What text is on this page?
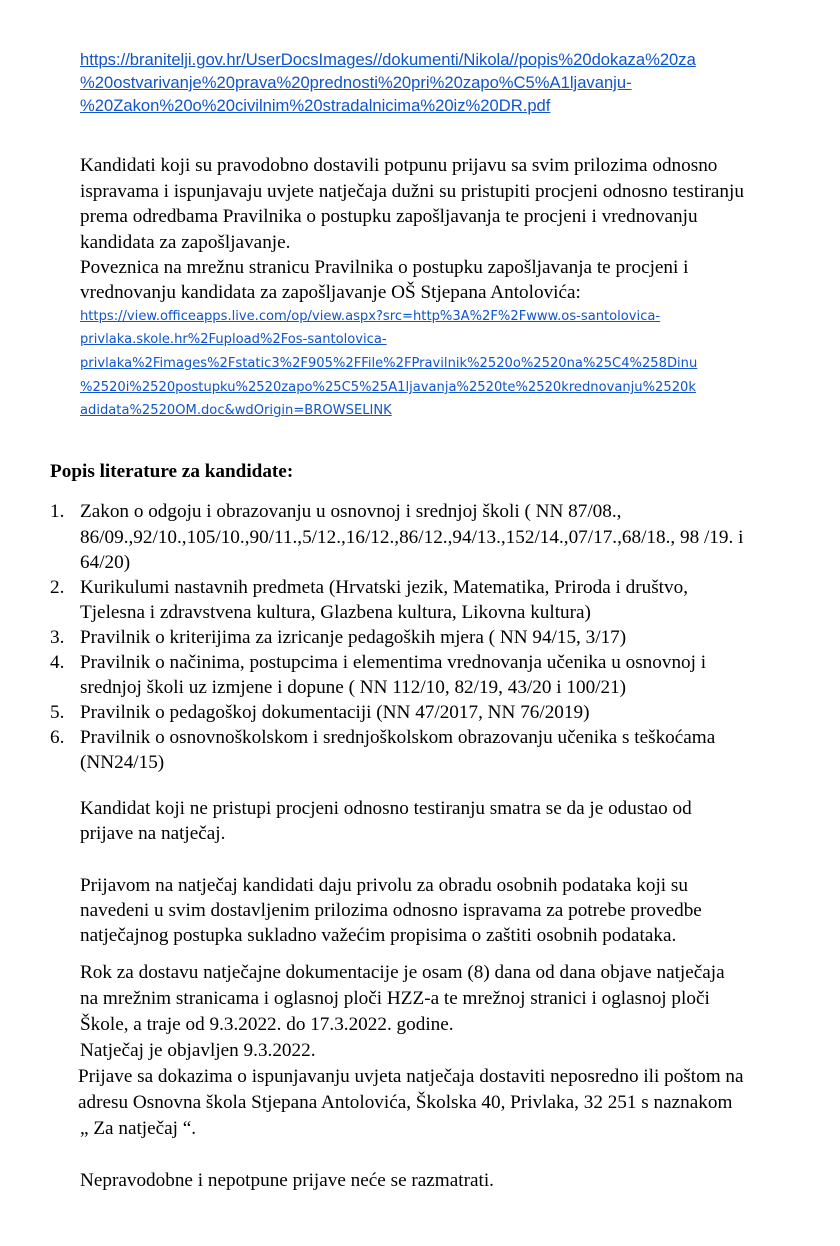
https://branitelji.gov.hr/UserDocsImages//dokumenti/Nikola//popis%20dokaza%20za
%20ostvarivanje%20prava%20prednosti%20pri%20zapo%C5%A1ljavanju-
%20Zakon%20o%20civilnim%20stradalnicima%20iz%20DR.pdf
Kandidati koji su pravodobno dostavili potpunu prijavu sa svim prilozima odnosno
ispravama i ispunjavaju uvjete natječaja dužni su pristupiti procjeni odnosno testiranju
prema odredbama Pravilnika o postupku zapošljavanja te procjeni i vrednovanju
kandidata za zapošljavanje.
Poveznica na mrežnu stranicu Pravilnika o postupku zapošljavanja te procjeni i
vrednovanju kandidata za zapošljavanje OŠ Stjepana Antolovića:
https://view.officeapps.live.com/op/view.aspx?src=http%3A%2F%2Fwww.os-santolovica-
privlaka.skole.hr%2Fupload%2Fos-santolovica-
privlaka%2Fimages%2Fstatic3%2F905%2FFile%2FPravilnik%2520o%2520na%25C4%258Dinu
%2520i%2520postupku%2520zapo%25C5%25A1ljavanja%2520te%2520krednovanju%2520k
adidata%2520OM.doc&wdOrigin=BROWSELINK
Popis literature za kandidate:
1. Zakon o odgoju i obrazovanju u osnovnoj i srednjoj školi ( NN 87/08.,
86/09.,92/10.,105/10.,90/11.,5/12.,16/12.,86/12.,94/13.,152/14.,07/17.,68/18., 98 /19. i
64/20)
2. Kurikulumi nastavnih predmeta (Hrvatski jezik, Matematika, Priroda i društvo,
Tjelesna i zdravstvena kultura, Glazbena kultura, Likovna kultura)
3. Pravilnik o kriterijima za izricanje pedagoških mjera ( NN 94/15, 3/17)
4. Pravilnik o načinima, postupcima i elementima vrednovanja učenika u osnovnoj i
srednjoj školi uz izmjene i dopune ( NN 112/10, 82/19, 43/20 i 100/21)
5. Pravilnik o pedagoškoj dokumentaciji (NN 47/2017, NN 76/2019)
6. Pravilnik o osnovnoškolskom i srednjoškolskom obrazovanju učenika s teškoćama
(NN24/15)
Kandidat koji ne pristupi procjeni odnosno testiranju smatra se da je odustao od
prijave na natječaj.
Prijavom na natječaj kandidati daju privolu za obradu osobnih podataka koji su
navedeni u svim dostavljenim prilozima odnosno ispravama za potrebe provedbe
natječajnog postupka sukladno važećim propisima o zaštiti osobnih podataka.
Rok za dostavu natječajne dokumentacije je osam (8) dana od dana objave natječaja
na mrežnim stranicama i oglasnoj ploči HZZ-a te mrežnoj stranici i oglasnoj ploči
Škole, a traje od 9.3.2022. do 17.3.2022. godine.
Natječaj je objavljen 9.3.2022.
Prijave sa dokazima o ispunjavanju uvjeta natječaja dostaviti neposredno ili poštom na
adresu Osnovna škola Stjepana Antolovića, Školska 40, Privlaka, 32 251 s naznakom
„ Za natječaj “.
Nepravodobne i nepotpune prijave neće se razmatrati.
